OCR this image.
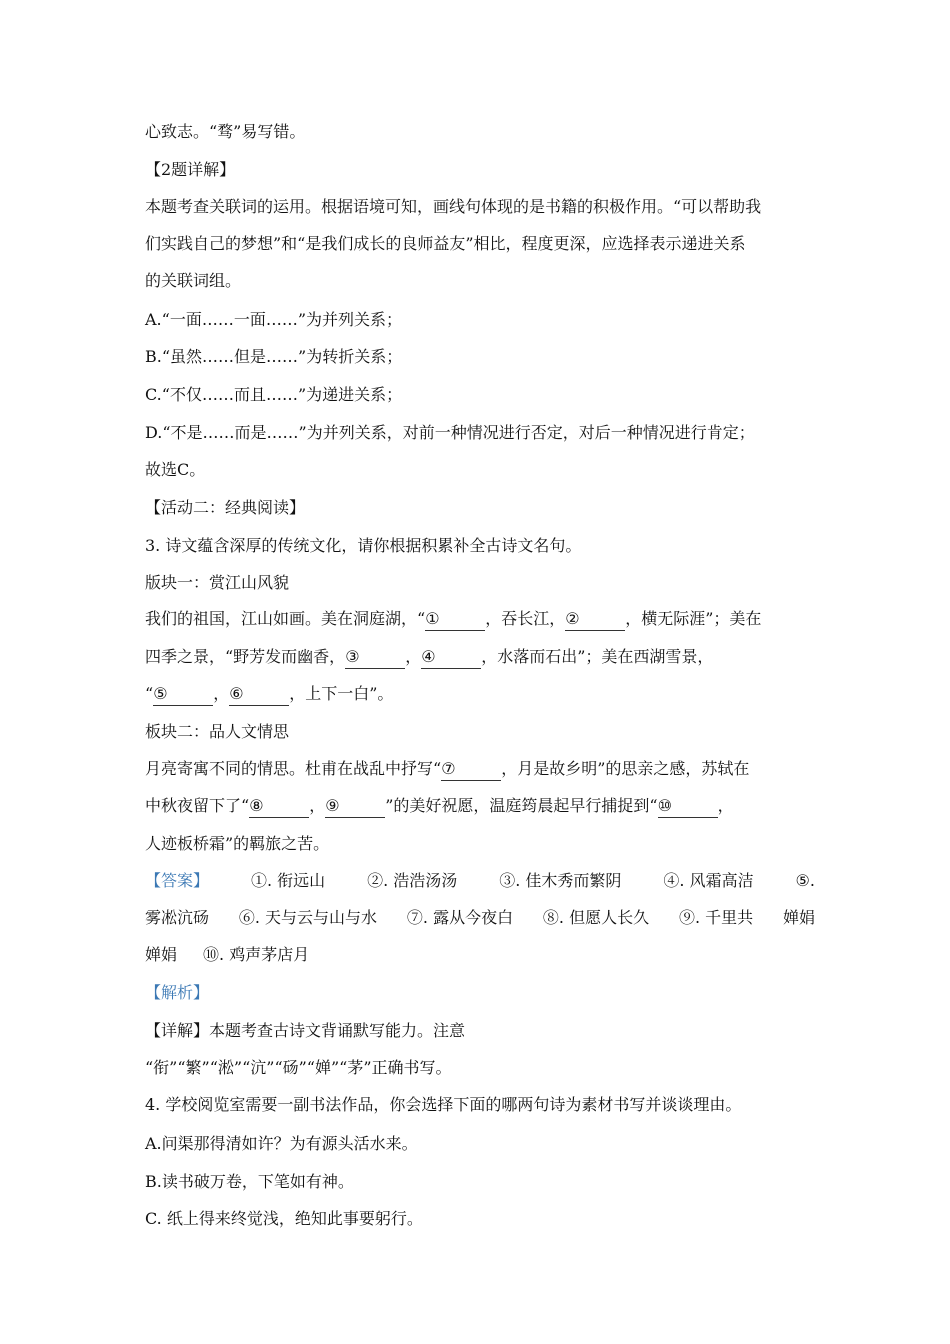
心致志。“骛”易写错。
【2题详解】
本题考查关联词的运用。根据语境可知，画线句体现的是书籍的积极作用。“可以帮助我
们实践自己的梦想”和“是我们成长的良师益友”相比，程度更深，应选择表示递进关系
的关联词组。
A.“一面……一面……”为并列关系；
B.“虽然……但是……”为转折关系；
C.“不仅……而且……”为递进关系；
D.“不是……而是……”为并列关系，对前一种情况进行否定，对后一种情况进行肯定；
故选C。
【活动二：经典阅读】
3. 诗文蕴含深厚的传统文化，请你根据积累补全古诗文名句。
版块一：赏江山风貌
我们的祖国，江山如画。美在洞庭湖，“①	，吞长江，②	，横无际涯”；美在
四季之景，“野芳发而幽香，③	，④	，水落而石出”；美在西湖雪景，
“⑤	，⑥	，上下一白”。
板块二：品人文情思
月亮寄寓不同的情思。杜甫在战乱中抒写“⑦	，月是故乡明”的思亲之感，苏轼在
中秋夜留下了“⑧	，⑨	”的美好祝愿，温庭筠晨起早行捕捉到“⑩	，
人迹板桥霜”的羁旅之苦。
【答案】	①. 衔远山	②. 浩浩汤汤	③. 佳木秀而繁阴	④. 风霜高洁	⑤.
雾凇沆砀 ⑥. 天与云与山与水 ⑦. 露从今夜白 ⑧. 但愿人长久 ⑨. 千里共 婵娟
婵娟 ⑩. 鸡声茅店月
【解析】
【详解】本题考查古诗文背诵默写能力。注意
“衔”“繁”“淞”“沆”“砀”“婵”“茅”正确书写。
4. 学校阅览室需要一副书法作品，你会选择下面的哪两句诗为素材书写并谈谈理由。
A.问渠那得清如许？为有源头活水来。
B.读书破万卷，下笔如有神。
C. 纸上得来终觉浅，绝知此事要躬行。
